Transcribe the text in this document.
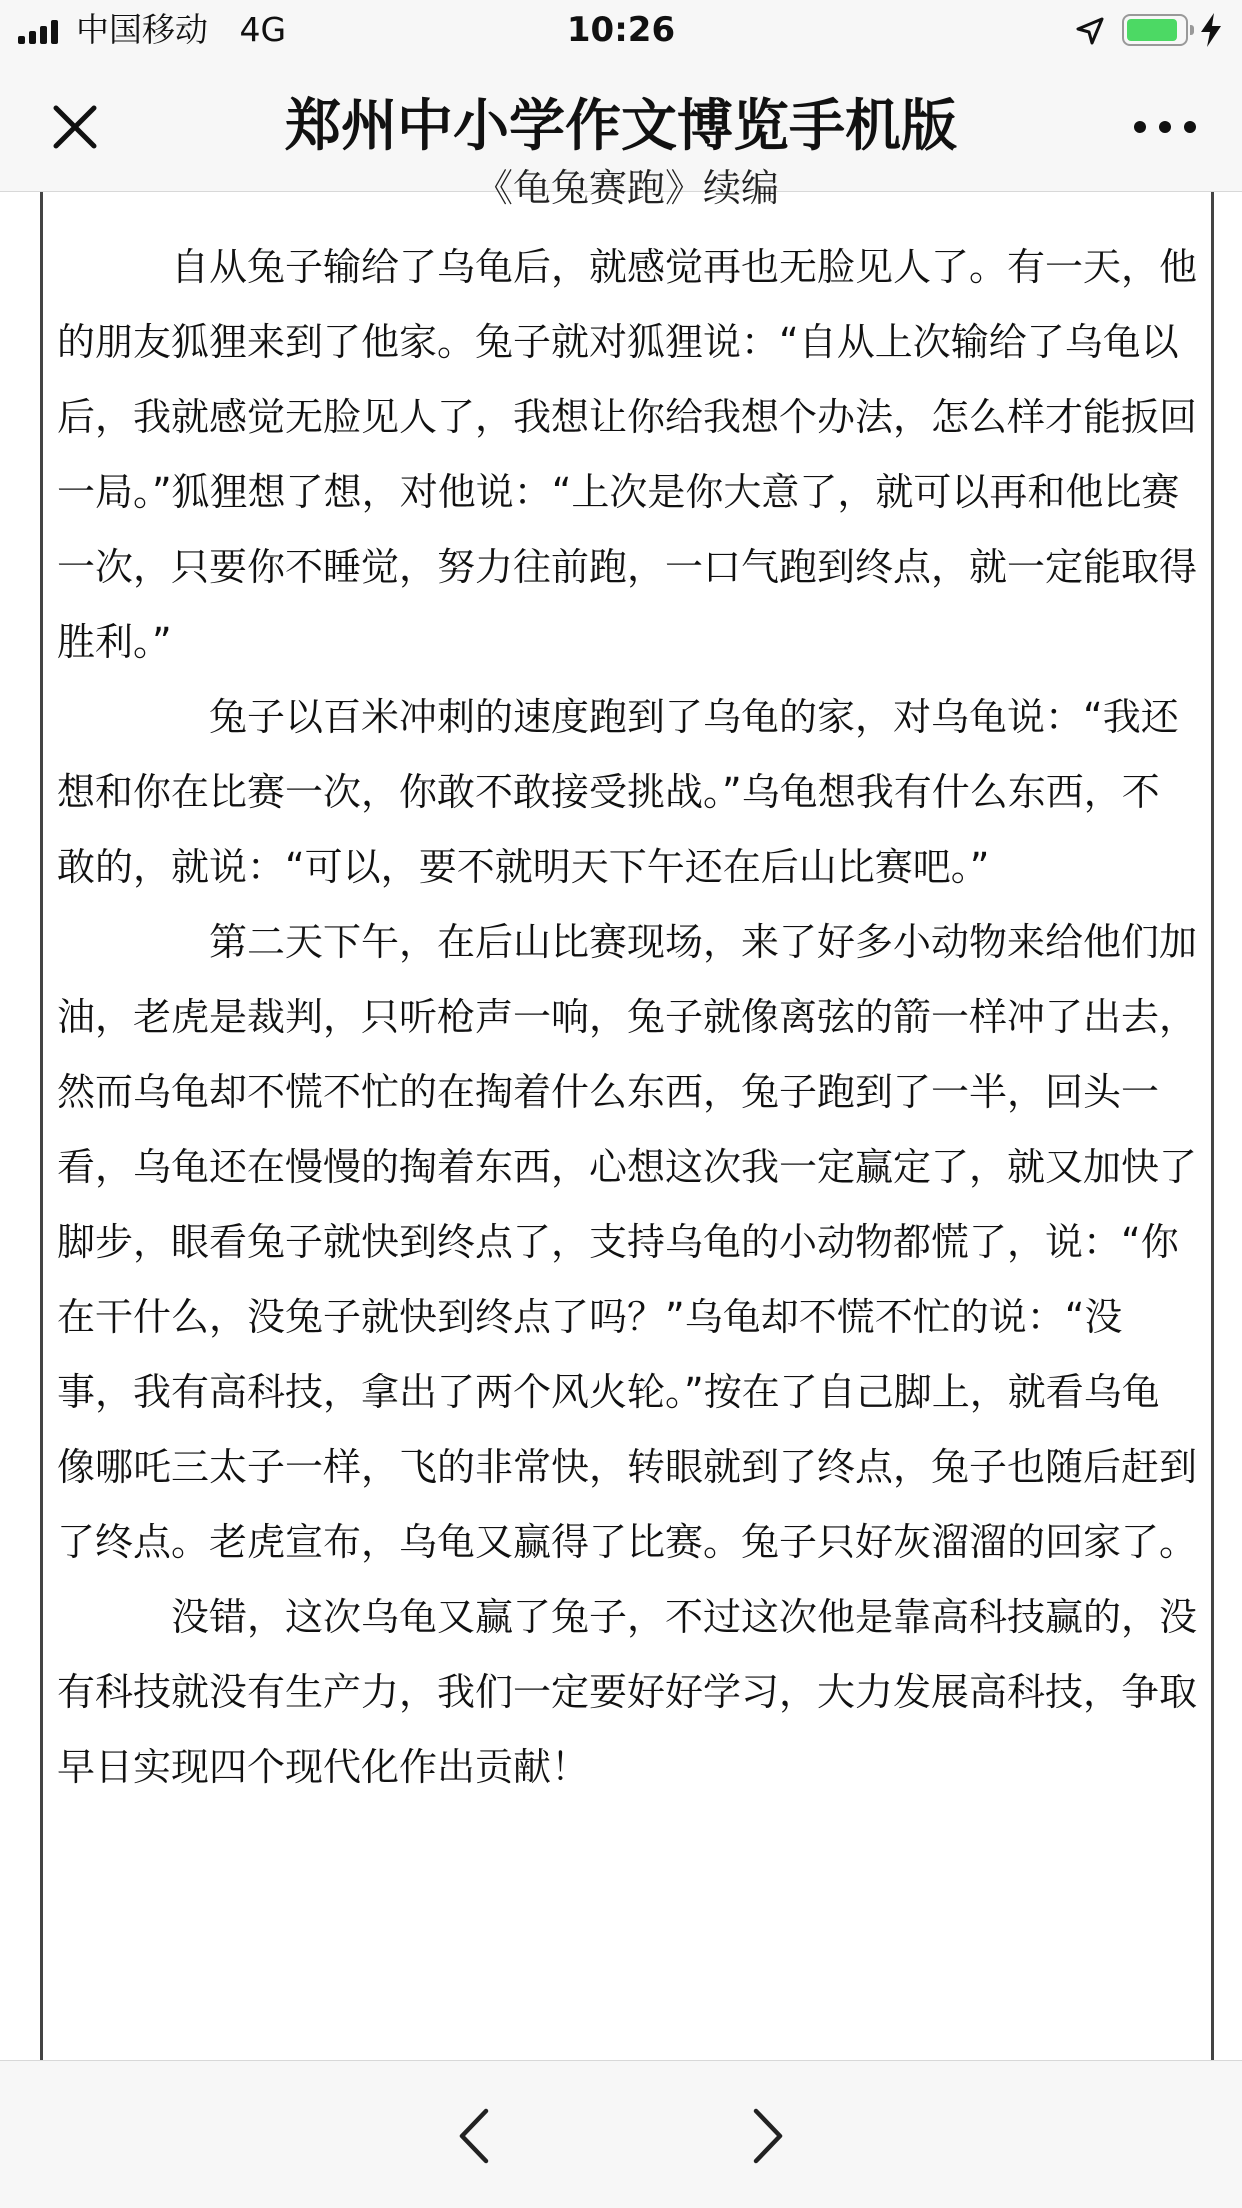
中国移动 4G	10:26
郑州中小学作文博览手机版
《龟兔赛跑》续编

　　　自从兔子输给了乌龟后，就感觉再也无脸见人了。有一天，他的朋友狐狸来到了他家。兔子就对狐狸说：“自从上次输给了乌龟以后，我就感觉无脸见人了，我想让你给我想个办法，怎么样才能扳回一局。”狐狸想了想，对他说：“上次是你大意了，就可以再和他比赛一次，只要你不睡觉，努力往前跑，一口气跑到终点，就一定能取得胜利。”

　　　　兔子以百米冲刺的速度跑到了乌龟的家，对乌龟说：“我还想和你在比赛一次，你敢不敢接受挑战。”乌龟想我有什么东西，不敢的，就说：“可以，要不就明天下午还在后山比赛吧。”

　　　　第二天下午，在后山比赛现场，来了好多小动物来给他们加油，老虎是裁判，只听枪声一响，兔子就像离弦的箭一样冲了出去，然而乌龟却不慌不忙的在掏着什么东西，兔子跑到了一半，回头一看，乌龟还在慢慢的掏着东西，心想这次我一定赢定了，就又加快了脚步，眼看兔子就快到终点了，支持乌龟的小动物都慌了，说：“你在干什么，没兔子就快到终点了吗？”乌龟却不慌不忙的说：“没事，我有高科技，拿出了两个风火轮。”按在了自己脚上，就看乌龟像哪吒三太子一样，飞的非常快，转眼就到了终点，兔子也随后赶到了终点。老虎宣布，乌龟又赢得了比赛。兔子只好灰溜溜的回家了。

　　　没错，这次乌龟又赢了兔子，不过这次他是靠高科技赢的，没有科技就没有生产力，我们一定要好好学习，大力发展高科技，争取早日实现四个现代化作出贡献！
